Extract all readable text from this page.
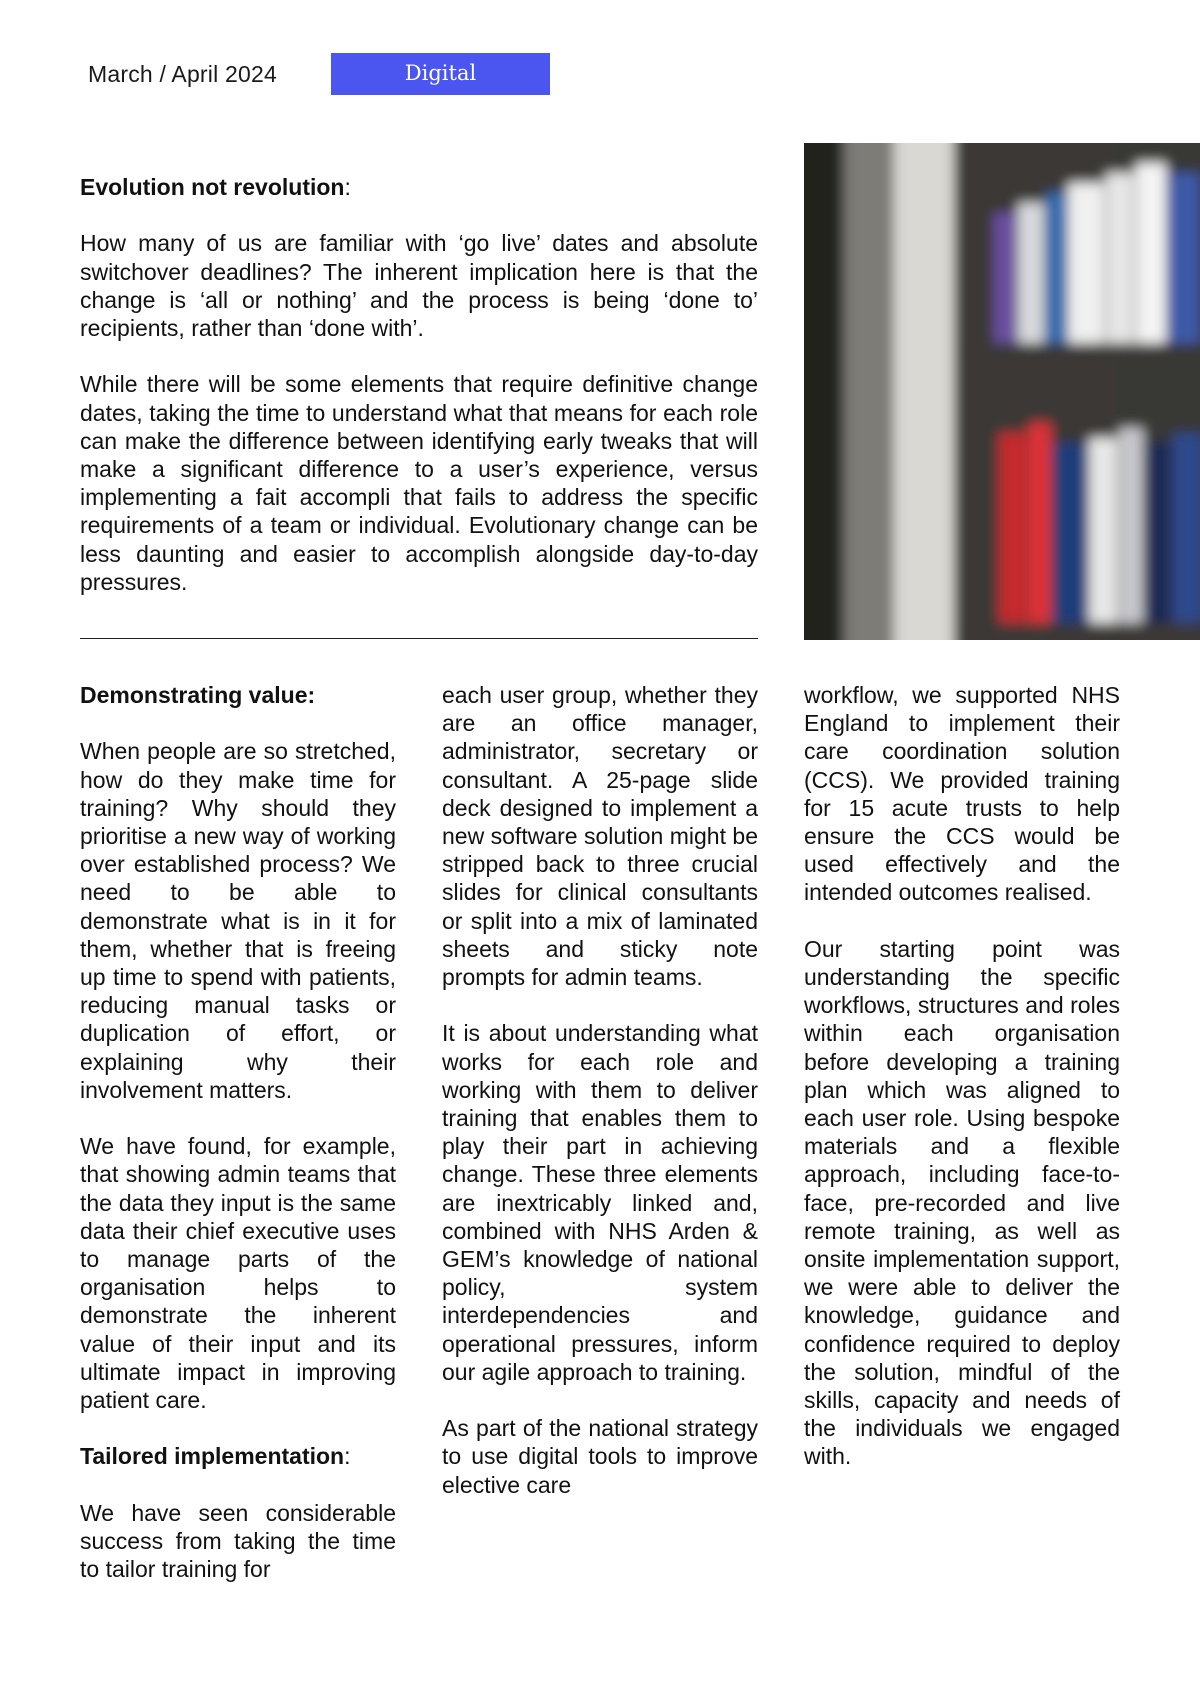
March / April 2024	Digital
Evolution not revolution:

How many of us are familiar with ‘go live’ dates and absolute switchover deadlines? The inherent implication here is that the change is ‘all or nothing’ and the process is being ‘done to’ recipients, rather than ‘done with’.

While there will be some elements that require definitive change dates, taking the time to understand what that means for each role can make the difference between identifying early tweaks that will make a significant difference to a user’s experience, versus implementing a fait accompli that fails to address the specific requirements of a team or individual. Evolutionary change can be less daunting and easier to accomplish alongside day-to-day pressures.

Demonstrating value:

When people are so stretched, how do they make time for training? Why should they prioritise a new way of working over established process? We need to be able to demonstrate what is in it for them, whether that is freeing up time to spend with patients, reducing manual tasks or duplication of effort, or explaining why their involvement matters.

We have found, for example, that showing admin teams that the data they input is the same data their chief executive uses to manage parts of the organisation helps to demonstrate the inherent value of their input and its ultimate impact in improving patient care.

Tailored implementation:

We have seen considerable success from taking the time to tailor training for

each user group, whether they are an office manager, administrator, secretary or consultant. A 25-page slide deck designed to implement a new software solution might be stripped back to three crucial slides for clinical consultants or split into a mix of laminated sheets and sticky note prompts for admin teams.

It is about understanding what works for each role and working with them to deliver training that enables them to play their part in achieving change. These three elements are inextricably linked and, combined with NHS Arden & GEM’s knowledge of national policy, system interdependencies and operational pressures, inform our agile approach to training.

As part of the national strategy to use digital tools to improve elective care

workflow, we supported NHS England to implement their care coordination solution (CCS). We provided training for 15 acute trusts to help ensure the CCS would be used effectively and the intended outcomes realised.

Our starting point was understanding the specific workflows, structures and roles within each organisation before developing a training plan which was aligned to each user role. Using bespoke materials and a flexible approach, including face-to-face, pre-recorded and live remote training, as well as onsite implementation support, we were able to deliver the knowledge, guidance and confidence required to deploy the solution, mindful of the skills, capacity and needs of the individuals we engaged with.
